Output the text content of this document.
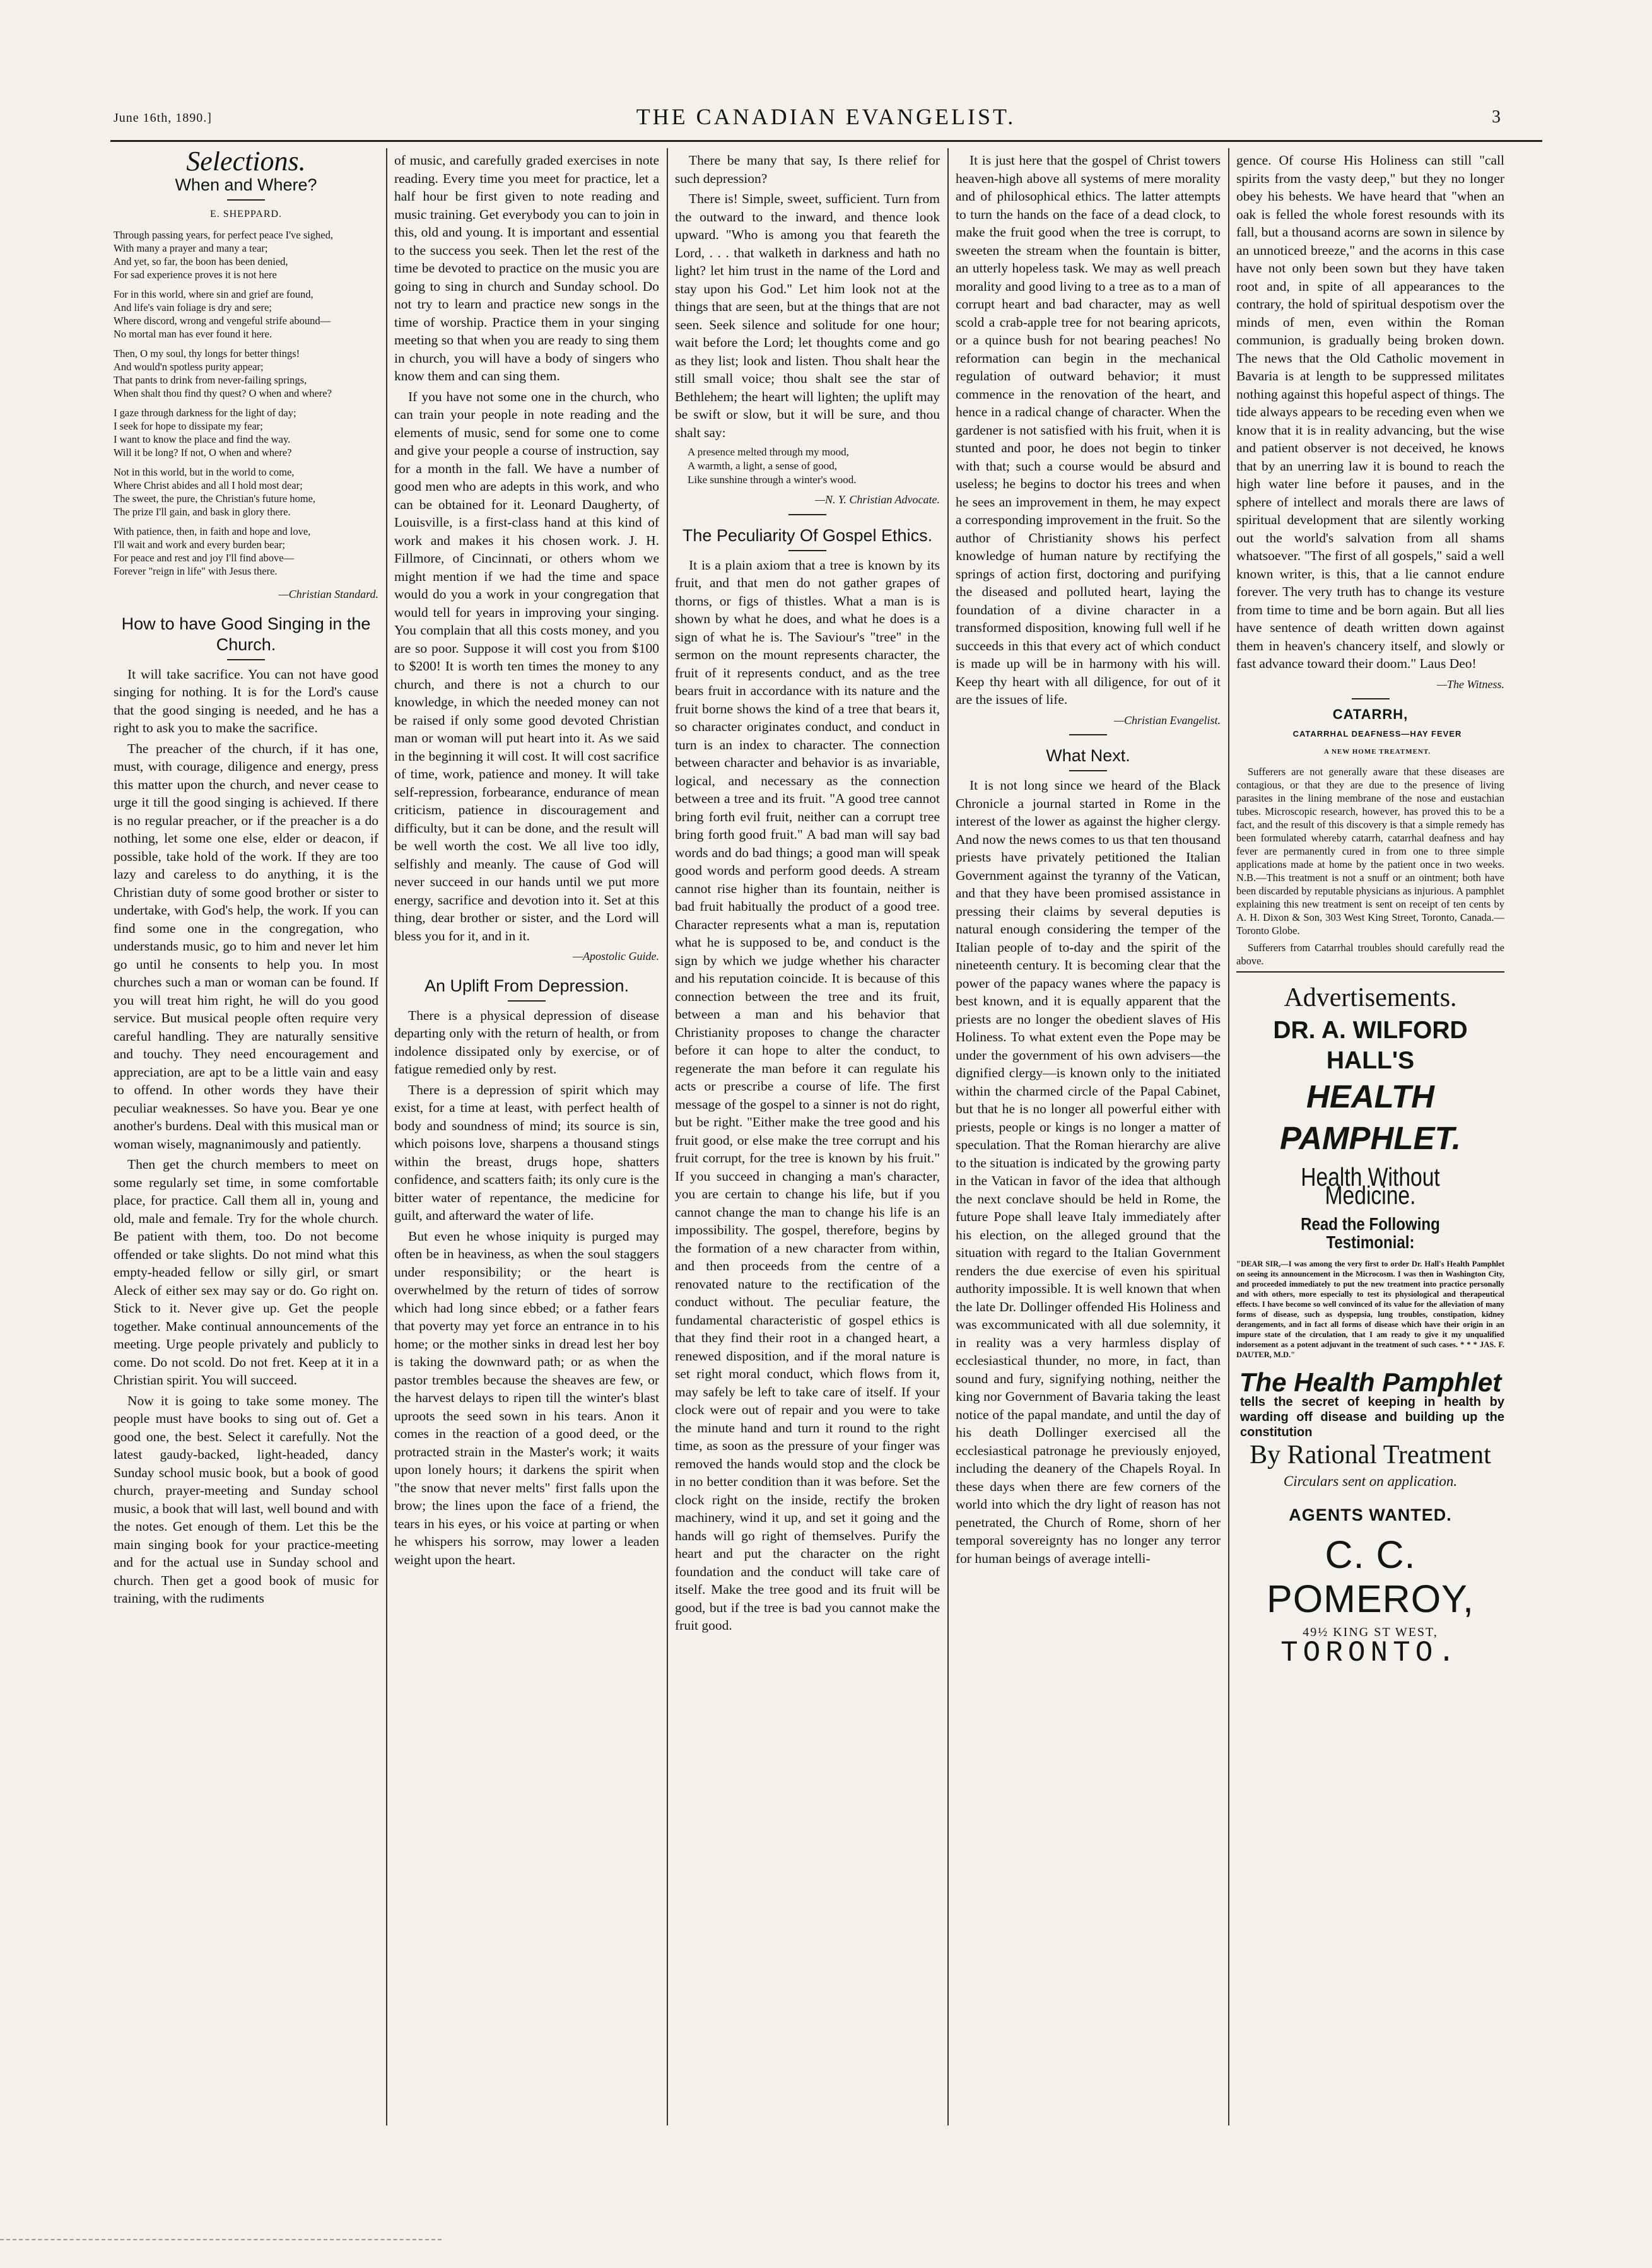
June 16th, 1890.]	THE CANADIAN EVANGELIST.	3
Selections.
When and Where?

E. SHEPPARD.

Through passing years, for perfect peace I've sighed,
With many a prayer and many a tear;
And yet, so far, the boon has been denied,
For sad experience proves it is not here
For in this world, where sin and grief are found,
And life's vain foliage is dry and sere;
Where discord, wrong and vengeful strife abound—
No mortal man has ever found it here.
Then, O my soul, thy longs for better things!
And would'n spotless purity appear;
That pants to drink from never-failing springs,
When shalt thou find thy quest? O when and where?
I gaze through darkness for the light of day;
I seek for hope to dissipate my fear;
I want to know the place and find the way.
Will it be long? If not, O when and where?
Not in this world, but in the world to come,
Where Christ abides and all I hold most dear;
The sweet, the pure, the Christian's future home,
The prize I'll gain, and bask in glory there.
With patience, then, in faith and hope and love,
I'll wait and work and every burden bear;
For peace and rest and joy I'll find above—
Forever "reign in life" with Jesus there.

—Christian Standard.

How to have Good Singing in the Church.

It will take sacrifice. You can not have good singing for nothing. It is for the Lord's cause that the good singing is needed, and he has a right to ask you to make the sacrifice.

The preacher of the church, if it has one, must, with courage, diligence and energy, press this matter upon the church, and never cease to urge it till the good singing is achieved. If there is no regular preacher, or if the preacher is a do nothing, let some one else, elder or deacon, if possible, take hold of the work. If they are too lazy and careless to do anything, it is the Christian duty of some good brother or sister to undertake, with God's help, the work. If you can find some one in the congregation, who understands music, go to him and never let him go until he consents to help you. In most churches such a man or woman can be found. If you will treat him right, he will do you good service. But musical people often require very careful handling. They are naturally sensitive and touchy. They need encouragement and appreciation, are apt to be a little vain and easy to offend. In other words they have their peculiar weaknesses. So have you. Bear ye one another's burdens. Deal with this musical man or woman wisely, magnanimously and patiently.

Then get the church members to meet on some regularly set time, in some comfortable place, for practice. Call them all in, young and old, male and female. Try for the whole church. Be patient with them, too. Do not become offended or take slights. Do not mind what this empty-headed fellow or silly girl, or smart Aleck of either sex may say or do. Go right on. Stick to it. Never give up. Get the people together. Make continual announcements of the meeting. Urge people privately and publicly to come. Do not scold. Do not fret. Keep at it in a Christian spirit. You will succeed.

Now it is going to take some money. The people must have books to sing out of. Get a good one, the best. Select it carefully. Not the latest gaudy-backed, light-headed, dancy Sunday school music book, but a book of good church, prayer-meeting and Sunday school music, a book that will last, well bound and with the notes. Get enough of them. Let this be the main singing book for your practice-meeting and for the actual use in Sunday school and church. Then get a good book of music for training, with the rudiments

of music, and carefully graded exercises in note reading. Every time you meet for practice, let a half hour be first given to note reading and music training. Get everybody you can to join in this, old and young. It is important and essential to the success you seek. Then let the rest of the time be devoted to practice on the music you are going to sing in church and Sunday school. Do not try to learn and practice new songs in the time of worship. Practice them in your singing meeting so that when you are ready to sing them in church, you will have a body of singers who know them and can sing them.

If you have not some one in the church, who can train your people in note reading and the elements of music, send for some one to come and give your people a course of instruction, say for a month in the fall. We have a number of good men who are adepts in this work, and who can be obtained for it. Leonard Daugherty, of Louisville, is a first-class hand at this kind of work and makes it his chosen work. J. H. Fillmore, of Cincinnati, or others whom we might mention if we had the time and space would do you a work in your congregation that would tell for years in improving your singing. You complain that all this costs money, and you are so poor. Suppose it will cost you from $100 to $200! It is worth ten times the money to any church, and there is not a church to our knowledge, in which the needed money can not be raised if only some good devoted Christian man or woman will put heart into it. As we said in the beginning it will cost. It will cost sacrifice of time, work, patience and money. It will take self-repression, forbearance, endurance of mean criticism, patience in discouragement and difficulty, but it can be done, and the result will be well worth the cost. We all live too idly, selfishly and meanly. The cause of God will never succeed in our hands until we put more energy, sacrifice and devotion into it. Set at this thing, dear brother or sister, and the Lord will bless you for it, and in it.

—Apostolic Guide.

An Uplift From Depression.

There is a physical depression of disease departing only with the return of health, or from indolence dissipated only by exercise, or of fatigue remedied only by rest.

There is a depression of spirit which may exist, for a time at least, with perfect health of body and soundness of mind; its source is sin, which poisons love, sharpens a thousand stings within the breast, drugs hope, shatters confidence, and scatters faith; its only cure is the bitter water of repentance, the medicine for guilt, and afterward the water of life.

But even he whose iniquity is purged may often be in heaviness, as when the soul staggers under responsibility; or the heart is overwhelmed by the return of tides of sorrow which had long since ebbed; or a father fears that poverty may yet force an entrance in to his home; or the mother sinks in dread lest her boy is taking the downward path; or as when the pastor trembles because the sheaves are few, or the harvest delays to ripen till the winter's blast uproots the seed sown in his tears. Anon it comes in the reaction of a good deed, or the protracted strain in the Master's work; it waits upon lonely hours; it darkens the spirit when "the snow that never melts" first falls upon the brow; the lines upon the face of a friend, the tears in his eyes, or his voice at parting or when he whispers his sorrow, may lower a leaden weight upon the heart.

There be many that say, Is there relief for such depression?

There is! Simple, sweet, sufficient. Turn from the outward to the inward, and thence look upward. "Who is among you that feareth the Lord, . . . that walketh in darkness and hath no light? let him trust in the name of the Lord and stay upon his God." Let him look not at the things that are seen, but at the things that are not seen. Seek silence and solitude for one hour; wait before the Lord; let thoughts come and go as they list; look and listen. Thou shalt hear the still small voice; thou shalt see the star of Bethlehem; the heart will lighten; the uplift may be swift or slow, but it will be sure, and thou shalt say:

A presence melted through my mood,
A warmth, a light, a sense of good,
Like sunshine through a winter's wood.

—N. Y. Christian Advocate.

The Peculiarity Of Gospel Ethics.

It is a plain axiom that a tree is known by its fruit, and that men do not gather grapes of thorns, or figs of thistles. What a man is is shown by what he does, and what he does is a sign of what he is. The Saviour's "tree" in the sermon on the mount represents character, the fruit of it represents conduct, and as the tree bears fruit in accordance with its nature and the fruit borne shows the kind of a tree that bears it, so character originates conduct, and conduct in turn is an index to character. The connection between character and behavior is as invariable, logical, and necessary as the connection between a tree and its fruit. "A good tree cannot bring forth evil fruit, neither can a corrupt tree bring forth good fruit." A bad man will say bad words and do bad things; a good man will speak good words and perform good deeds. A stream cannot rise higher than its fountain, neither is bad fruit habitually the product of a good tree. Character represents what a man is, reputation what he is supposed to be, and conduct is the sign by which we judge whether his character and his reputation coincide. It is because of this connection between the tree and its fruit, between a man and his behavior that Christianity proposes to change the character before it can hope to alter the conduct, to regenerate the man before it can regulate his acts or prescribe a course of life. The first message of the gospel to a sinner is not do right, but be right. "Either make the tree good and his fruit good, or else make the tree corrupt and his fruit corrupt, for the tree is known by his fruit." If you succeed in changing a man's character, you are certain to change his life, but if you cannot change the man to change his life is an impossibility. The gospel, therefore, begins by the formation of a new character from within, and then proceeds from the centre of a renovated nature to the rectification of the conduct without. The peculiar feature, the fundamental characteristic of gospel ethics is that they find their root in a changed heart, a renewed disposition, and if the moral nature is set right moral conduct, which flows from it, may safely be left to take care of itself. If your clock were out of repair and you were to take the minute hand and turn it round to the right time, as soon as the pressure of your finger was removed the hands would stop and the clock be in no better condition than it was before. Set the clock right on the inside, rectify the broken machinery, wind it up, and set it going and the hands will go right of themselves. Purify the heart and put the character on the right foundation and the conduct will take care of itself. Make the tree good and its fruit will be good, but if the tree is bad you cannot make the fruit good.

It is just here that the gospel of Christ towers heaven-high above all systems of mere morality and of philosophical ethics. The latter attempts to turn the hands on the face of a dead clock, to make the fruit good when the tree is corrupt, to sweeten the stream when the fountain is bitter, an utterly hopeless task. We may as well preach morality and good living to a tree as to a man of corrupt heart and bad character, may as well scold a crab-apple tree for not bearing apricots, or a quince bush for not bearing peaches! No reformation can begin in the mechanical regulation of outward behavior; it must commence in the renovation of the heart, and hence in a radical change of character. When the gardener is not satisfied with his fruit, when it is stunted and poor, he does not begin to tinker with that; such a course would be absurd and useless; he begins to doctor his trees and when he sees an improvement in them, he may expect a corresponding improvement in the fruit. So the author of Christianity shows his perfect knowledge of human nature by rectifying the springs of action first, doctoring and purifying the diseased and polluted heart, laying the foundation of a divine character in a transformed disposition, knowing full well if he succeeds in this that every act of which conduct is made up will be in harmony with his will. Keep thy heart with all diligence, for out of it are the issues of life.

—Christian Evangelist.

What Next.

It is not long since we heard of the Black Chronicle a journal started in Rome in the interest of the lower as against the higher clergy. And now the news comes to us that ten thousand priests have privately petitioned the Italian Government against the tyranny of the Vatican, and that they have been promised assistance in pressing their claims by several deputies is natural enough considering the temper of the Italian people of to-day and the spirit of the nineteenth century. It is becoming clear that the power of the papacy wanes where the papacy is best known, and it is equally apparent that the priests are no longer the obedient slaves of His Holiness. To what extent even the Pope may be under the government of his own advisers—the dignified clergy—is known only to the initiated within the charmed circle of the Papal Cabinet, but that he is no longer all powerful either with priests, people or kings is no longer a matter of speculation. That the Roman hierarchy are alive to the situation is indicated by the growing party in the Vatican in favor of the idea that although the next conclave should be held in Rome, the future Pope shall leave Italy immediately after his election, on the alleged ground that the situation with regard to the Italian Government renders the due exercise of even his spiritual authority impossible. It is well known that when the late Dr. Dollinger offended His Holiness and was excommunicated with all due solemnity, it in reality was a very harmless display of ecclesiastical thunder, no more, in fact, than sound and fury, signifying nothing, neither the king nor Government of Bavaria taking the least notice of the papal mandate, and until the day of his death Dollinger exercised all the ecclesiastical patronage he previously enjoyed, including the deanery of the Chapels Royal. In these days when there are few corners of the world into which the dry light of reason has not penetrated, the Church of Rome, shorn of her temporal sovereignty has no longer any terror for human beings of average intelli-

gence. Of course His Holiness can still "call spirits from the vasty deep," but they no longer obey his behests. We have heard that "when an oak is felled the whole forest resounds with its fall, but a thousand acorns are sown in silence by an unnoticed breeze," and the acorns in this case have not only been sown but they have taken root and, in spite of all appearances to the contrary, the hold of spiritual despotism over the minds of men, even within the Roman communion, is gradually being broken down. The news that the Old Catholic movement in Bavaria is at length to be suppressed militates nothing against this hopeful aspect of things. The tide always appears to be receding even when we know that it is in reality advancing, but the wise and patient observer is not deceived, he knows that by an unerring law it is bound to reach the high water line before it pauses, and in the sphere of intellect and morals there are laws of spiritual development that are silently working out the world's salvation from all shams whatsoever. "The first of all gospels," said a well known writer, is this, that a lie cannot endure forever. The very truth has to change its vesture from time to time and be born again. But all lies have sentence of death written down against them in heaven's chancery itself, and slowly or fast advance toward their doom." Laus Deo!

—The Witness.

CATARRH,

CATARRHAL DEAFNESS—HAY FEVER

A NEW HOME TREATMENT.

Sufferers are not generally aware that these diseases are contagious, or that they are due to the presence of living parasites in the lining membrane of the nose and eustachian tubes. Microscopic research, however, has proved this to be a fact, and the result of this discovery is that a simple remedy has been formulated whereby catarrh, catarrhal deafness and hay fever are permanently cured in from one to three simple applications made at home by the patient once in two weeks. N.B.—This treatment is not a snuff or an ointment; both have been discarded by reputable physicians as injurious. A pamphlet explaining this new treatment is sent on receipt of ten cents by A. H. Dixon & Son, 303 West King Street, Toronto, Canada.—Toronto Globe.

Sufferers from Catarrhal troubles should carefully read the above.

Advertisements.
DR. A. WILFORD HALL'S
HEALTH PAMPHLET.
Health Without Medicine.
Read the Following Testimonial:
"DEAR SIR,—I was among the very first to order Dr. Hall's Health Pamphlet on seeing its announcement in the Microcosm. I was then in Washington City, and proceeded immediately to put the new treatment into practice personally and with others, more especially to test its physiological and therapeutical effects. I have become so well convinced of its value for the alleviation of many forms of disease, such as dyspepsia, lung troubles, constipation, kidney derangements, and in fact all forms of disease which have their origin in an impure state of the circulation, that I am ready to give it my unqualified indorsement as a potent adjuvant in the treatment of such cases. * * * JAS. F. DAUTER, M.D."
The Health Pamphlet
tells the secret of keeping in health by warding off disease and building up the constitution
By Rational Treatment
Circulars sent on application.
AGENTS WANTED.
C. C. POMEROY,
49½ KING ST WEST,
TORONTO.
